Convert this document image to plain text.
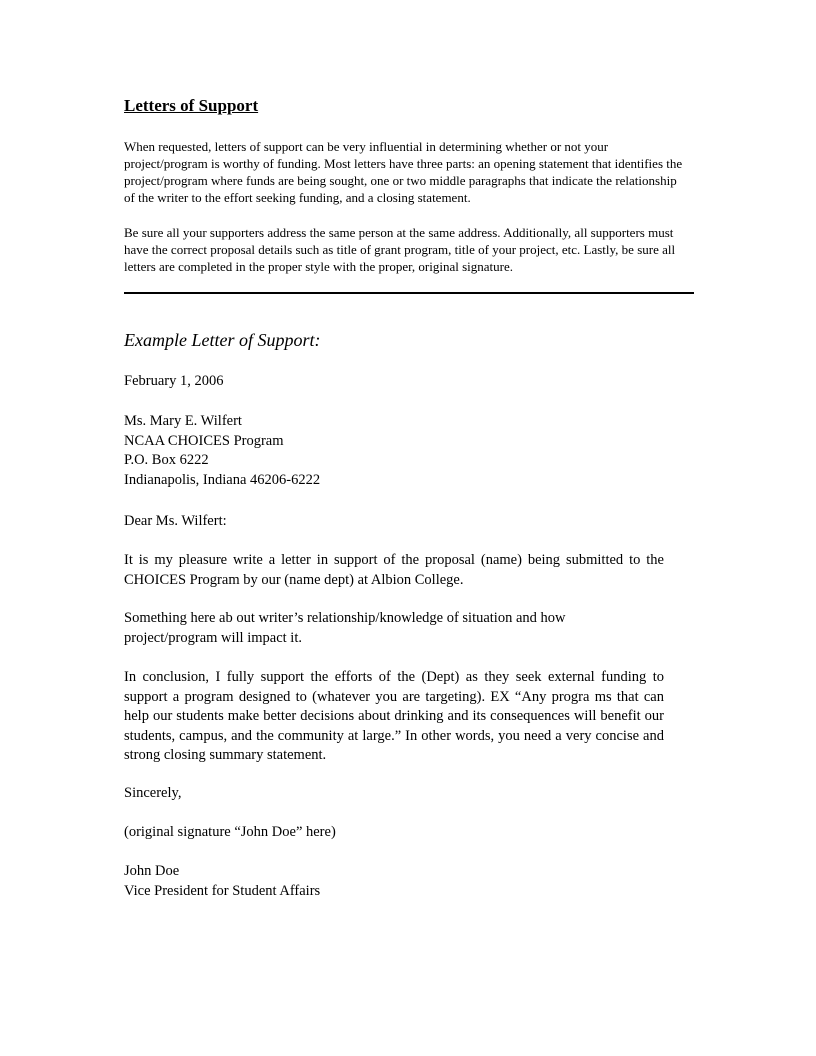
Letters of Support

When requested, letters of support can be very influential in determining whether or not your project/program is worthy of funding. Most letters have three parts: an opening statement that identifies the project/program where funds are being sought, one or two middle paragraphs that indicate the relationship of the writer to the effort seeking funding, and a closing statement.

Be sure all your supporters address the same person at the same address. Additionally, all supporters must have the correct proposal details such as title of grant program, title of your project, etc. Lastly, be sure all letters are completed in the proper style with the proper, original signature.

Example Letter of Support:

February 1, 2006

Ms. Mary E. Wilfert
NCAA CHOICES Program
P.O. Box 6222
Indianapolis, Indiana 46206-6222

Dear Ms. Wilfert:

It is my pleasure write a letter in support of the proposal (name) being submitted to the CHOICES Program by our (name dept) at Albion College.

Something here ab out writer’s relationship/knowledge of situation and how
project/program will impact it.

In conclusion, I fully support the efforts of the (Dept) as they seek external funding to support a program designed to (whatever you are targeting). EX “Any progra ms that can help our students make better decisions about drinking and its consequences will benefit our students, campus, and the community at large.” In other words, you need a very concise and strong closing summary statement.

Sincerely,

(original signature “John Doe” here)

John Doe
Vice President for Student Affairs
